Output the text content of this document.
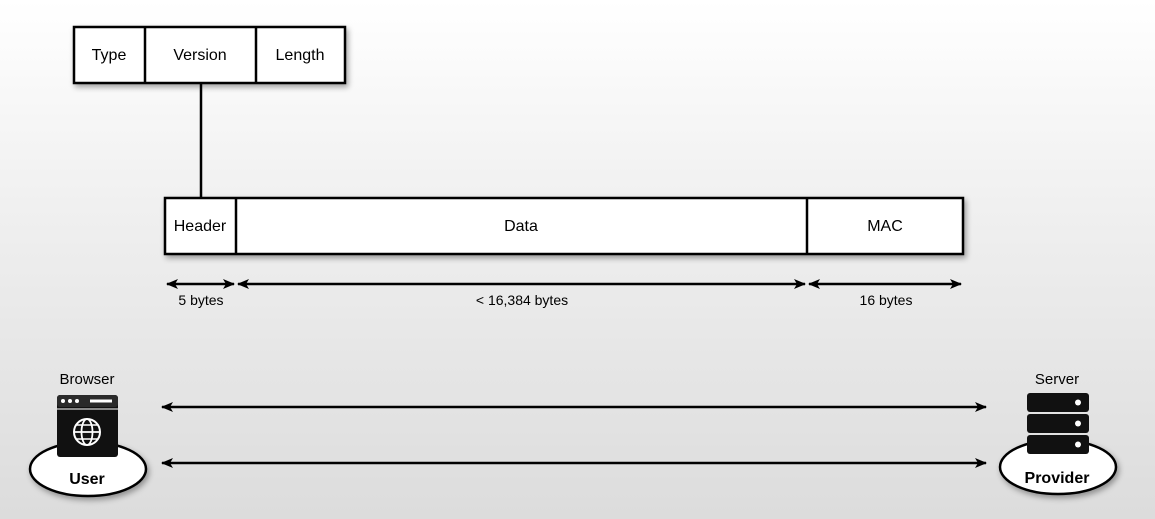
Type	Version	Length
Header	Data	MAC
5 bytes	< 16,384 bytes	16 bytes
Browser
User
Server
Provider
